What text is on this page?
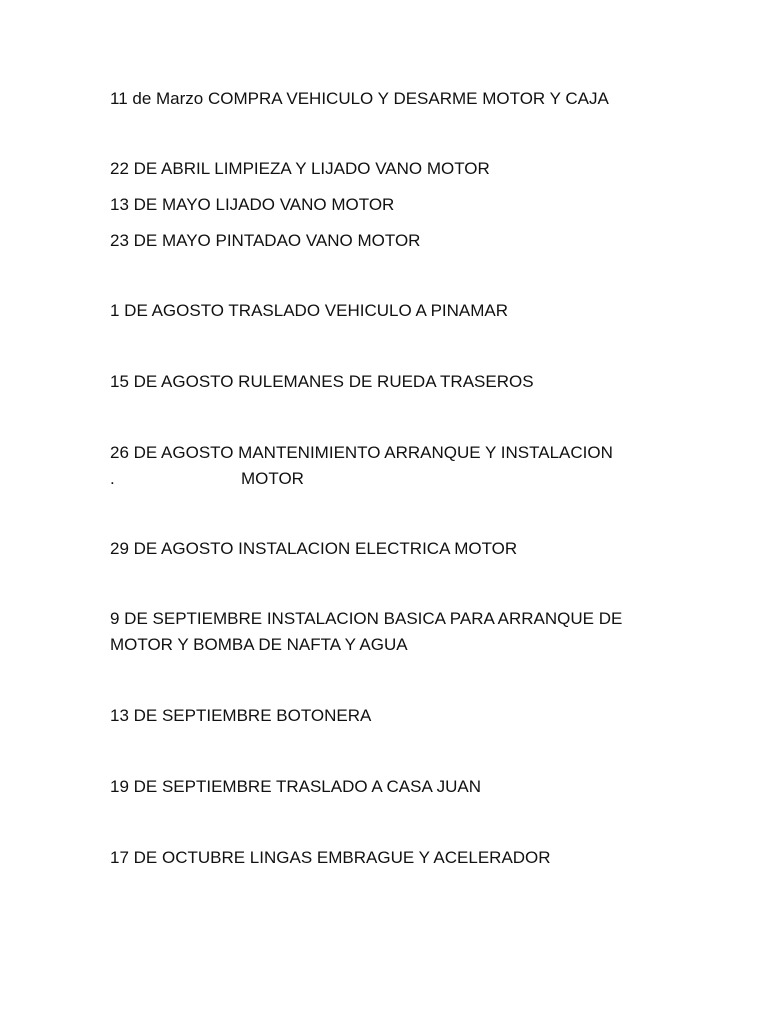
11 de Marzo COMPRA VEHICULO Y DESARME MOTOR Y CAJA
22 DE ABRIL LIMPIEZA Y LIJADO VANO MOTOR
13 DE MAYO LIJADO VANO MOTOR
23 DE MAYO PINTADAO VANO MOTOR
1 DE AGOSTO TRASLADO VEHICULO A PINAMAR
15 DE AGOSTO RULEMANES DE RUEDA TRASEROS
26 DE AGOSTO MANTENIMIENTO ARRANQUE Y INSTALACION
.	MOTOR
29 DE AGOSTO INSTALACION ELECTRICA MOTOR
9 DE SEPTIEMBRE INSTALACION BASICA PARA ARRANQUE DE
MOTOR Y BOMBA DE NAFTA Y AGUA
13 DE SEPTIEMBRE BOTONERA
19 DE SEPTIEMBRE TRASLADO A CASA JUAN
17 DE OCTUBRE LINGAS EMBRAGUE Y ACELERADOR
